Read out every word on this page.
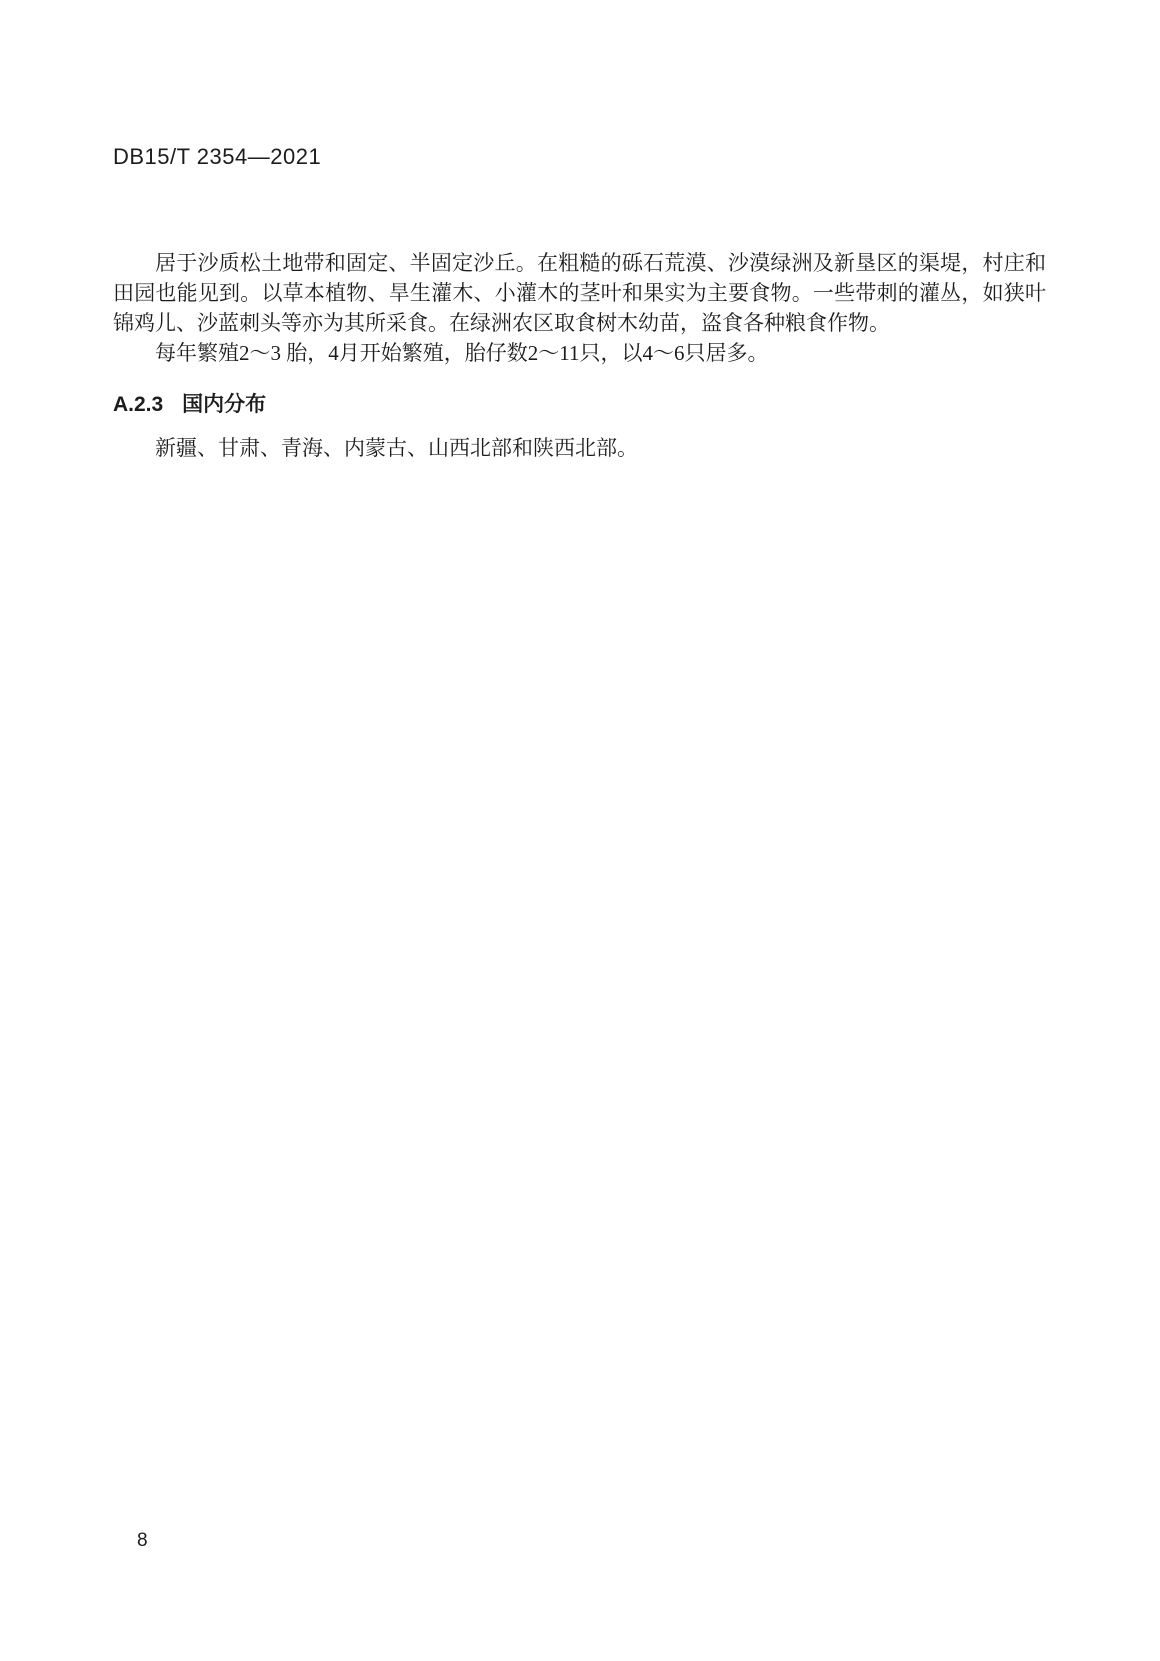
DB15/T 2354—2021

居于沙质松土地带和固定、半固定沙丘。在粗糙的砾石荒漠、沙漠绿洲及新垦区的渠堤，村庄和田园也能见到。以草本植物、旱生灌木、小灌木的茎叶和果实为主要食物。一些带刺的灌丛，如狭叶锦鸡儿、沙蓝刺头等亦为其所采食。在绿洲农区取食树木幼苗，盗食各种粮食作物。

每年繁殖2～3 胎，4月开始繁殖，胎仔数2～11只，以4～6只居多。

A.2.3 国内分布

新疆、甘肃、青海、内蒙古、山西北部和陕西北部。

8
